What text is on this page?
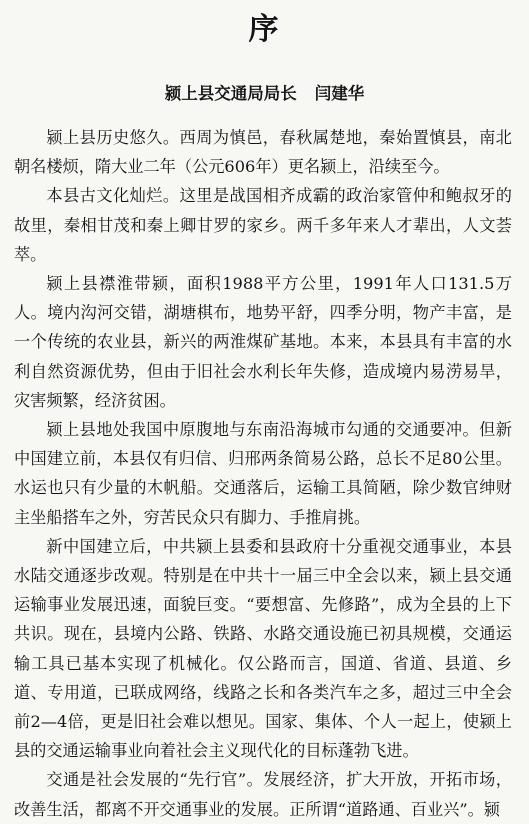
序
颍上县交通局局长 闫建华

颍上县历史悠久。西周为慎邑，春秋属楚地，秦始置慎县，南北朝名楼烦，隋大业二年（公元606年）更名颍上，沿续至今。

本县古文化灿烂。这里是战国相齐成霸的政治家管仲和鲍叔牙的故里，秦相甘茂和秦上卿甘罗的家乡。两千多年来人才辈出，人文荟萃。

颍上县襟淮带颍，面积1988平方公里，1991年人口131.5万人。境内沟河交错，湖塘棋布，地势平舒，四季分明，物产丰富，是一个传统的农业县，新兴的两淮煤矿基地。本来，本县具有丰富的水利自然资源优势，但由于旧社会水利长年失修，造成境内易涝易旱，灾害频繁，经济贫困。

颍上县地处我国中原腹地与东南沿海城市勾通的交通要冲。但新中国建立前，本县仅有归信、归邢两条简易公路，总长不足80公里。水运也只有少量的木帆船。交通落后，运输工具简陋，除少数官绅财主坐船搭车之外，穷苦民众只有脚力、手推肩挑。

新中国建立后，中共颍上县委和县政府十分重视交通事业，本县水陆交通逐步改观。特别是在中共十一届三中全会以来，颍上县交通运输事业发展迅速，面貌巨变。“要想富、先修路”，成为全县的上下共识。现在，县境内公路、铁路、水路交通设施已初具规模，交通运输工具已基本实现了机械化。仅公路而言，国道、省道、县道、乡道、专用道，已联成网络，线路之长和各类汽车之多，超过三中全会前2—4倍，更是旧社会难以想见。国家、集体、个人一起上，使颍上县的交通运输事业向着社会主义现代化的目标蓬勃飞进。

交通是社会发展的“先行官”。发展经济，扩大开放，开拓市场，改善生活，都离不开交通事业的发展。正所谓“道路通、百业兴”。颍
